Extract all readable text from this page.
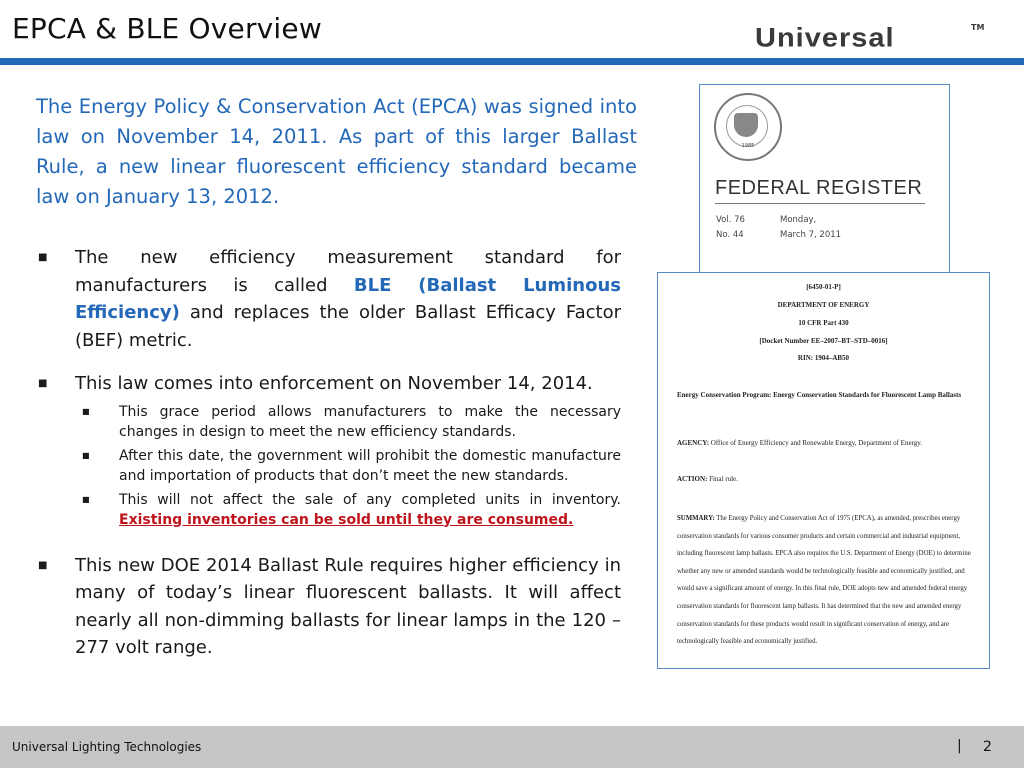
EPCA & BLE Overview	Universal	TM
The Energy Policy & Conservation Act (EPCA) was signed into law on November 14, 2011. As part of this larger Ballast Rule, a new linear fluorescent efficiency standard became law on January 13, 2012.
■ The new efficiency measurement standard for manufacturers is called BLE (Ballast Luminous Efficiency) and replaces the older Ballast Efficacy Factor (BEF) metric.
■ This law comes into enforcement on November 14, 2014.
■ This grace period allows manufacturers to make the necessary changes in design to meet the new efficiency standards.
■ After this date, the government will prohibit the domestic manufacture and importation of products that don’t meet the new standards.
■ This will not affect the sale of any completed units in inventory. Existing inventories can be sold until they are consumed.
■ This new DOE 2014 Ballast Rule requires higher efficiency in many of today’s linear fluorescent ballasts. It will affect nearly all non-dimming ballasts for linear lamps in the 120 – 277 volt range.
1985
FEDERAL REGISTER
Vol. 76	Monday,
No. 44	March 7, 2011
[6450-01-P]
DEPARTMENT OF ENERGY
10 CFR Part 430
[Docket Number EE–2007–BT–STD–0016]
RIN: 1904–AB50
Energy Conservation Program: Energy Conservation Standards for Fluorescent Lamp Ballasts
AGENCY: Office of Energy Efficiency and Renewable Energy, Department of Energy.
ACTION: Final rule.
SUMMARY: The Energy Policy and Conservation Act of 1975 (EPCA), as amended, prescribes energy conservation standards for various consumer products and certain commercial and industrial equipment, including fluorescent lamp ballasts. EPCA also requires the U.S. Department of Energy (DOE) to determine whether any new or amended standards would be technologically feasible and economically justified, and would save a significant amount of energy. In this final rule, DOE adopts new and amended federal energy conservation standards for fluorescent lamp ballasts. It has determined that the new and amended energy conservation standards for these products would result in significant conservation of energy, and are technologically feasible and economically justified.
Universal Lighting Technologies	| 2
